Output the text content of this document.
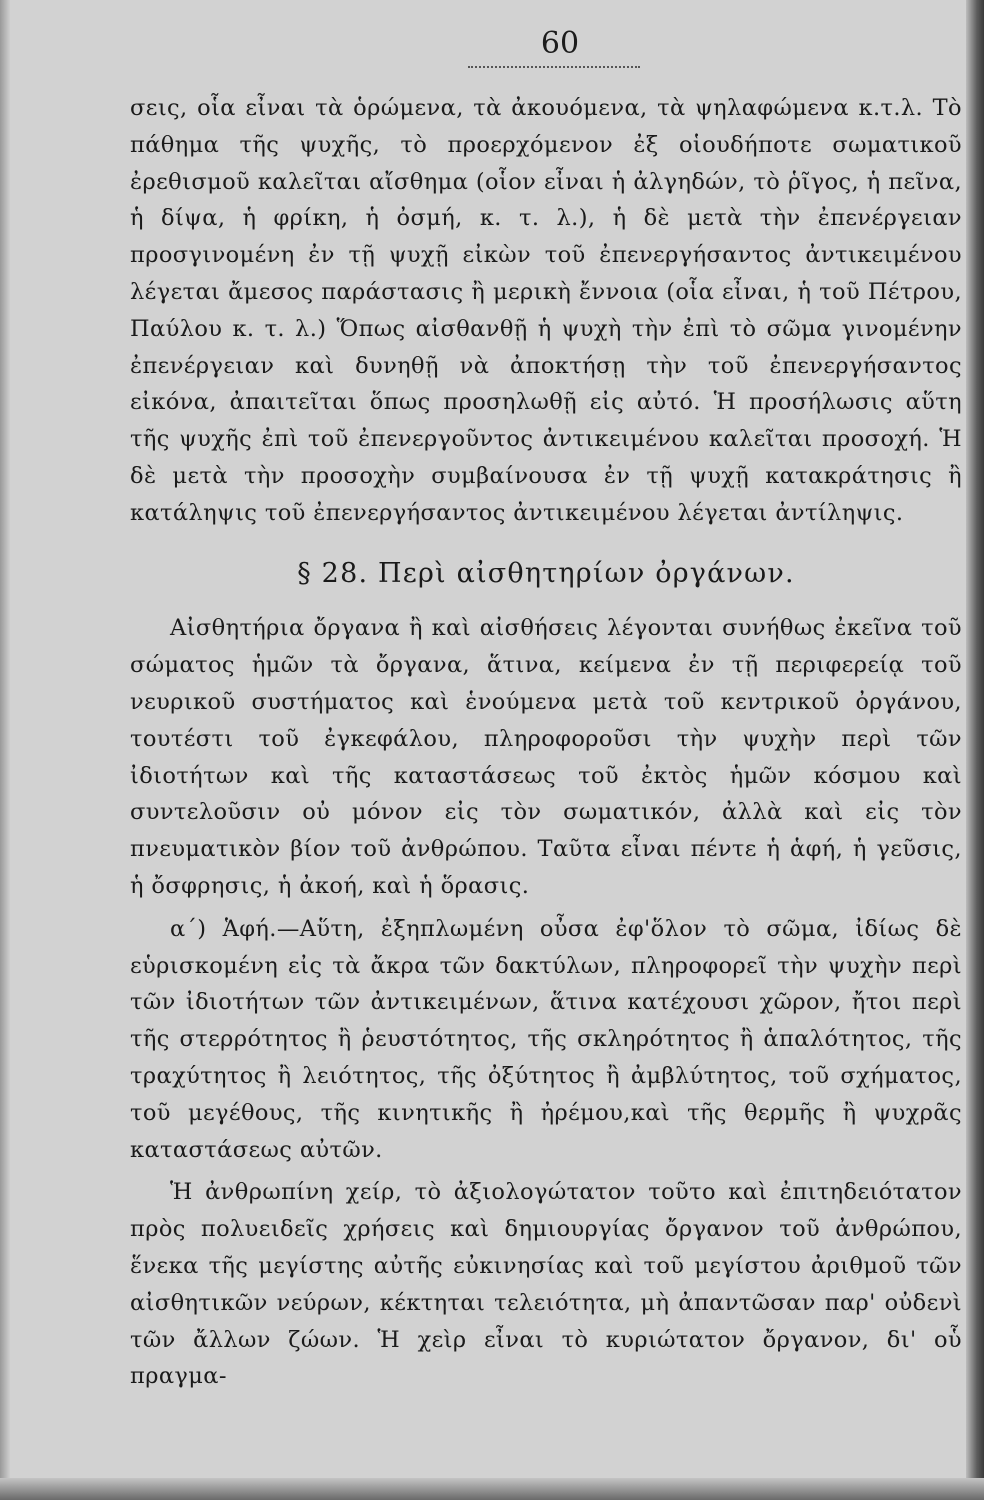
60

σεις, οἷα εἶναι τὰ ὁρώμενα, τὰ ἀκουόμενα, τὰ ψηλαφώμενα κ.τ.λ. Τὸ πάθημα τῆς ψυχῆς, τὸ προερχόμενον ἐξ οἱουδήποτε σωματικοῦ ἐρεθισμοῦ καλεῖται αἴσθημα (οἷον εἶναι ἡ ἀλγηδών, τὸ ῥῖγος, ἡ πεῖνα, ἡ δίψα, ἡ φρίκη, ἡ ὀσμή, κ. τ. λ.), ἡ δὲ μετὰ τὴν ἐπενέργειαν προσγινομένη ἐν τῇ ψυχῇ εἰκὼν τοῦ ἐπενεργήσαντος ἀντικειμένου λέγεται ἄμεσος παράστασις ἢ μερικὴ ἔννοια (οἷα εἶναι, ἡ τοῦ Πέτρου, Παύλου κ. τ. λ.) Ὅπως αἰσθανθῇ ἡ ψυχὴ τὴν ἐπὶ τὸ σῶμα γινομένην ἐπενέργειαν καὶ δυνηθῇ νὰ ἀποκτήσῃ τὴν τοῦ ἐπενεργήσαντος εἰκόνα, ἀπαιτεῖται ὅπως προσηλωθῇ εἰς αὐτό. Ἡ προσήλωσις αὕτη τῆς ψυχῆς ἐπὶ τοῦ ἐπενεργοῦντος ἀντικειμένου καλεῖται προσοχή. Ἡ δὲ μετὰ τὴν προσοχὴν συμβαίνουσα ἐν τῇ ψυχῇ κατακράτησις ἢ κατάληψις τοῦ ἐπενεργήσαντος ἀντικειμένου λέγεται ἀντίληψις.

§ 28. Περὶ αἰσθητηρίων ὀργάνων.

Αἰσθητήρια ὄργανα ἢ καὶ αἰσθήσεις λέγονται συνήθως ἐκεῖνα τοῦ σώματος ἡμῶν τὰ ὄργανα, ἅτινα, κείμενα ἐν τῇ περιφερείᾳ τοῦ νευρικοῦ συστήματος καὶ ἑνούμενα μετὰ τοῦ κεντρικοῦ ὀργάνου, τουτέστι τοῦ ἐγκεφάλου, πληροφοροῦσι τὴν ψυχὴν περὶ τῶν ἰδιοτήτων καὶ τῆς καταστάσεως τοῦ ἐκτὸς ἡμῶν κόσμου καὶ συντελοῦσιν οὐ μόνον εἰς τὸν σωματικόν, ἀλλὰ καὶ εἰς τὸν πνευματικὸν βίον τοῦ ἀνθρώπου. Ταῦτα εἶναι πέντε ἡ ἁφή, ἡ γεῦσις, ἡ ὄσφρησις, ἡ ἀκοή, καὶ ἡ ὅρασις.

α΄) Ἁφή.—Αὕτη, ἐξηπλωμένη οὖσα ἐφ'ὅλον τὸ σῶμα, ἰδίως δὲ εὑρισκομένη εἰς τὰ ἄκρα τῶν δακτύλων, πληροφορεῖ τὴν ψυχὴν περὶ τῶν ἰδιοτήτων τῶν ἀντικειμένων, ἅτινα κατέχουσι χῶρον, ἤτοι περὶ τῆς στερρότητος ἢ ῥευστότητος, τῆς σκληρότητος ἢ ἁπαλότητος, τῆς τραχύτητος ἢ λειότητος, τῆς ὀξύτητος ἢ ἀμβλύτητος, τοῦ σχήματος, τοῦ μεγέθους, τῆς κινητικῆς ἢ ἠρέμου,καὶ τῆς θερμῆς ἢ ψυχρᾶς καταστάσεως αὐτῶν.

Ἡ ἀνθρωπίνη χείρ, τὸ ἀξιολογώτατον τοῦτο καὶ ἐπιτηδειότατον πρὸς πολυειδεῖς χρήσεις καὶ δημιουργίας ὄργανον τοῦ ἀνθρώπου, ἕνεκα τῆς μεγίστης αὐτῆς εὐκινησίας καὶ τοῦ μεγίστου ἀριθμοῦ τῶν αἰσθητικῶν νεύρων, κέκτηται τελειότητα, μὴ ἀπαντῶσαν παρ' οὐδενὶ τῶν ἄλλων ζώων. Ἡ χεὶρ εἶναι τὸ κυριώτατον ὄργανον, δι' οὗ πραγμα-
